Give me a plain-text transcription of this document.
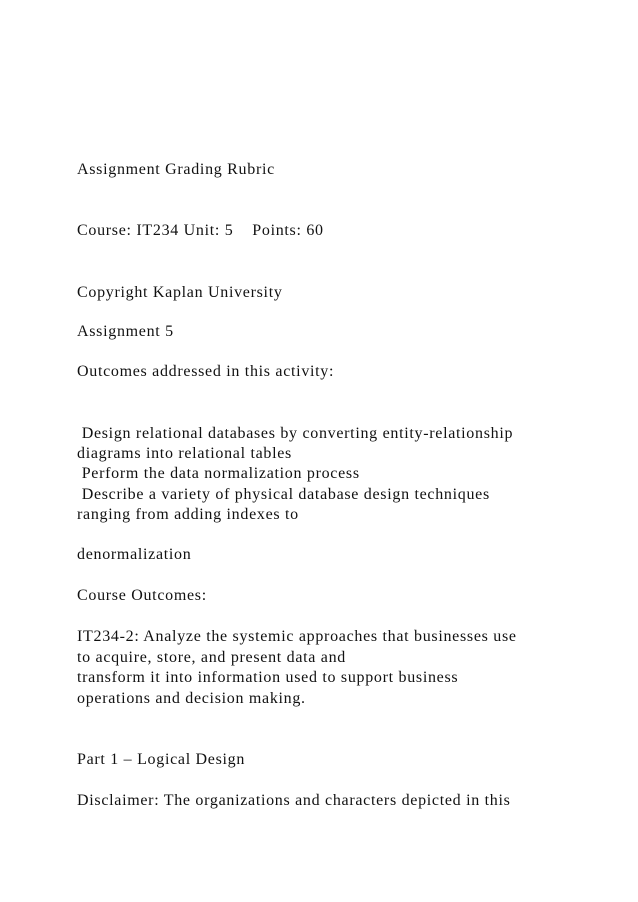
Assignment Grading Rubric

Course: IT234 Unit: 5    Points: 60

Copyright Kaplan University

Assignment 5

Outcomes addressed in this activity:

Design relational databases by converting entity-relationship

diagrams into relational tables

Perform the data normalization process

Describe a variety of physical database design techniques

ranging from adding indexes to

denormalization

Course Outcomes:

IT234-2: Analyze the systemic approaches that businesses use

to acquire, store, and present data and

transform it into information used to support business

operations and decision making.

Part 1 – Logical Design

Disclaimer: The organizations and characters depicted in this
